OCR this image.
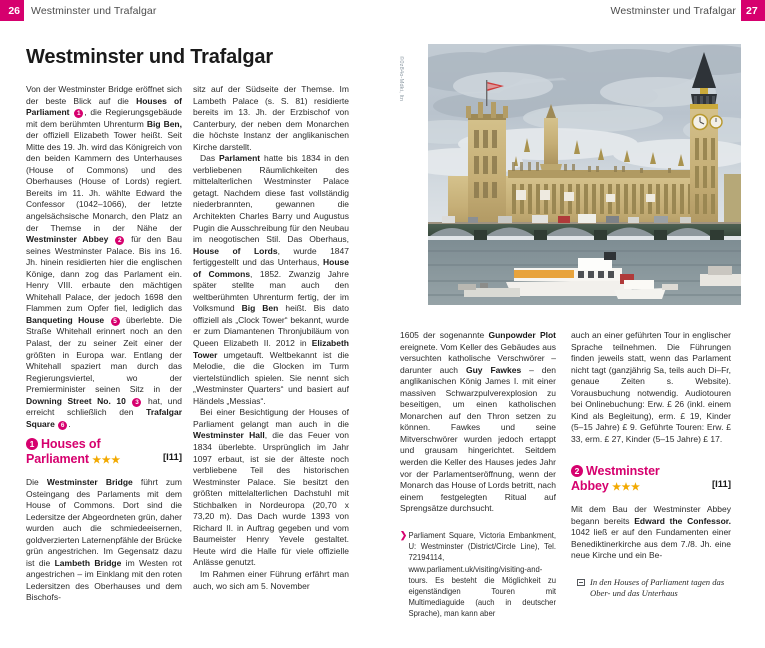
26	Westminster und Trafalgar	27
Westminster und Trafalgar
Westminster und Trafalgar

Von der Westminster Bridge eröffnet sich der beste Blick auf die Houses of Parliament 1 , die Regierungsgebäude mit dem berühmten Uhrenturm Big Ben, der offiziell Elizabeth Tower heißt. Seit Mitte des 19. Jh. wird das Königreich von den beiden Kammern des Unterhauses (House of Commons) und des Oberhauses (House of Lords) regiert. Bereits im 11. Jh. wählte Edward the Confessor (1042–1066), der letzte angelsächsische Monarch, den Platz an der Themse in der Nähe der Westminster Abbey 2 für den Bau seines Westminster Palace. Bis ins 16. Jh. hinein residierten hier die englischen Könige, dann zog das Parlament ein. Henry VIII. erbaute den mächtigen Whitehall Palace, der jedoch 1698 den Flammen zum Opfer fiel, lediglich das Banqueting House 5 überlebte. Die Straße Whitehall erinnert noch an den Palast, der zu seiner Zeit einer der größten in Europa war. Entlang der Whitehall spaziert man durch das Regierungsviertel, wo der Premierminister seinen Sitz in der Downing Street No. 10 3 hat, und erreicht schließlich den Trafalgar Square 6 .

sitz auf der Südseite der Themse. Im Lambeth Palace (s. S. 81) residierte bereits im 13. Jh. der Erzbischof von Canterbury, der neben dem Monarchen die höchste Instanz der anglikanischen Kirche darstellt.

Das Parlament hatte bis 1834 in den verbliebenen Räumlichkeiten des mittelalterlichen Westminster Palace getagt. Nachdem diese fast vollständig niederbrannten, gewannen die Architekten Charles Barry und Augustus Pugin die Ausschreibung für den Neubau im neogotischen Stil. Das Oberhaus, House of Lords, wurde 1847 fertiggestellt und das Unterhaus, House of Commons, 1852. Zwanzig Jahre später stellte man auch den weltberühmten Uhrenturm fertig, der im Volksmund Big Ben heißt. Bis dato offiziell als „Clock Tower“ bekannt, wurde er zum Diamantenen Thronjubiläum von Queen Elizabeth II. 2012 in Elizabeth Tower umgetauft. Weltbekannt ist die Melodie, die die Glocken im Turm viertelstündlich spielen. Sie nennt sich „Westminster Quarters“ und basiert auf Händels „Messias“.

Bei einer Besichtigung der Houses of Parliament gelangt man auch in die Westminster Hall, die das Feuer von 1834 überlebte. Ursprünglich im Jahr 1097 erbaut, ist sie der älteste noch verbliebene Teil des historischen Westminster Palace. Sie besitzt den größten mittelalterlichen Dachstuhl mit Stichbalken in Nordeuropa (20,70 x 73,20 m). Das Dach wurde 1393 von Richard II. in Auftrag gegeben und vom Baumeister Henry Yevele gestaltet. Heute wird die Halle für viele offizielle Anlässe genutzt.

Im Rahmen einer Führung erfährt man auch, wo sich am 5. November

1605 der sogenannte Gunpowder Plot ereignete. Vom Keller des Gebäudes aus versuchten katholische Verschwörer – darunter auch Guy Fawkes – den anglikanischen König James I. mit einer massiven Schwarzpulverexplosion zu beseitigen, um einen katholischen Monarchen auf den Thron setzen zu können. Fawkes und seine Mitverschwörer wurden jedoch ertappt und grausam hingerichtet. Seitdem werden die Keller des Hauses jedes Jahr vor der Parlamentseröffnung, wenn der Monarch das House of Lords betritt, nach einem festgelegten Ritual auf Sprengsätze durchsucht.

auch an einer geführten Tour in englischer Sprache teilnehmen. Die Führungen finden jeweils statt, wenn das Parlament nicht tagt (ganzjährig Sa, teils auch Di–Fr, genaue Zeiten s. Website). Vorausbuchung notwendig. Audiotouren bei Onlinebuchung: Erw. £ 26 (inkl. einem Kind als Begleitung), erm. £ 19, Kinder (5–15 Jahre) £ 9. Geführte Touren: Erw. £ 33, erm. £ 27, Kinder (5–15 Jahre) £ 17.

1 Houses of
Parliament ★★★	[I11]

Die Westminster Bridge führt zum Osteingang des Parlaments mit dem House of Commons. Dort sind die Ledersitze der Abgeordneten grün, daher wurden auch die schmiedeeisernen, goldverzierten Laternenpfähle der Brücke grün angestrichen. Im Gegensatz dazu ist die Lambeth Bridge im Westen rot angestrichen – im Einklang mit den roten Ledersitzen des Oberhauses und dem Bischofs-

2 Westminster
Abbey ★★★	[I11]

Mit dem Bau der Westminster Abbey begann bereits Edward the Confessor. 1042 ließ er auf den Fundamenten einer Benediktinerkirche aus dem 7./8. Jh. eine neue Kirche und ein Be-

❯ Parliament Square, Victoria Embankment, U: Westminster (District/Circle Line), Tel. 72194114, www.parliament.uk/visiting/visiting-and-tours. Es besteht die Möglichkeit zu eigenständigen Touren mit Multimediaguide (auch in deutscher Sprache), man kann aber
©0z84o-Mdki, ltn
In den Houses of Parliament tagen das Ober- und das Unterhaus
